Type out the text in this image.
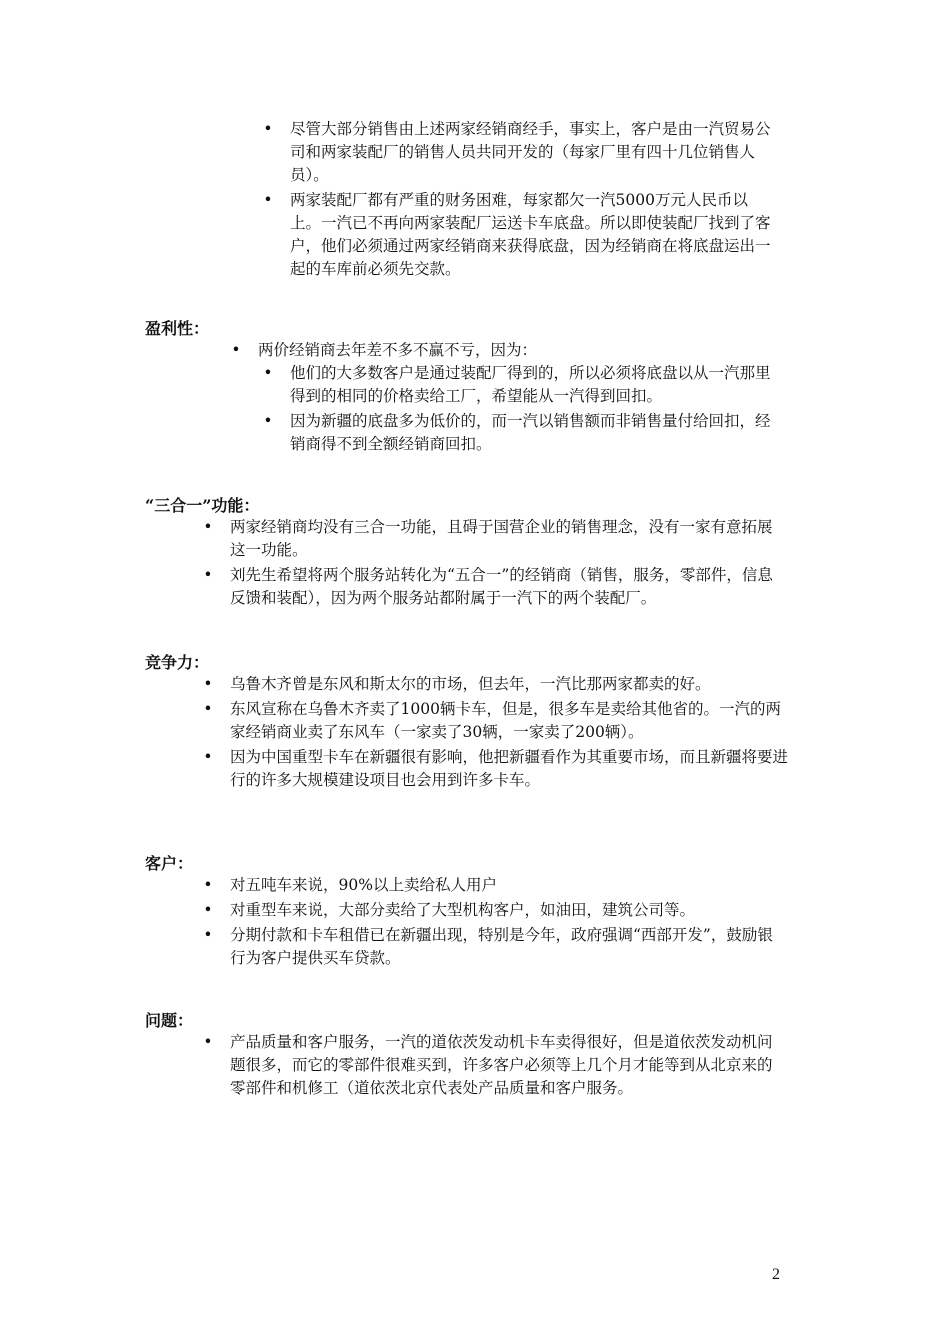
• 尽管大部分销售由上述两家经销商经手，事实上，客户是由一汽贸易公司和两家装配厂的销售人员共同开发的（每家厂里有四十几位销售人员）。
• 两家装配厂都有严重的财务困难，每家都欠一汽5000万元人民币以上。一汽已不再向两家装配厂运送卡车底盘。所以即使装配厂找到了客户，他们必须通过两家经销商来获得底盘，因为经销商在将底盘运出一起的车库前必须先交款。
盈利性：
• 两价经销商去年差不多不赢不亏，因为：
• 他们的大多数客户是通过装配厂得到的，所以必须将底盘以从一汽那里得到的相同的价格卖给工厂，希望能从一汽得到回扣。
• 因为新疆的底盘多为低价的，而一汽以销售额而非销售量付给回扣，经销商得不到全额经销商回扣。
“三合一”功能：
• 两家经销商均没有三合一功能，且碍于国营企业的销售理念，没有一家有意拓展这一功能。
• 刘先生希望将两个服务站转化为“五合一”的经销商（销售，服务，零部件，信息反馈和装配），因为两个服务站都附属于一汽下的两个装配厂。
竞争力：
• 乌鲁木齐曾是东风和斯太尔的市场，但去年，一汽比那两家都卖的好。
• 东风宣称在乌鲁木齐卖了1000辆卡车，但是，很多车是卖给其他省的。一汽的两家经销商业卖了东风车（一家卖了30辆，一家卖了200辆）。
• 因为中国重型卡车在新疆很有影响，他把新疆看作为其重要市场，而且新疆将要进行的许多大规模建设项目也会用到许多卡车。
客户：
• 对五吨车来说，90%以上卖给私人用户
• 对重型车来说，大部分卖给了大型机构客户，如油田，建筑公司等。
• 分期付款和卡车租借已在新疆出现，特别是今年，政府强调“西部开发”，鼓励银行为客户提供买车贷款。
问题：
• 产品质量和客户服务，一汽的道依茨发动机卡车卖得很好，但是道依茨发动机问题很多，而它的零部件很难买到，许多客户必须等上几个月才能等到从北京来的零部件和机修工（道依茨北京代表处产品质量和客户服务。
2
